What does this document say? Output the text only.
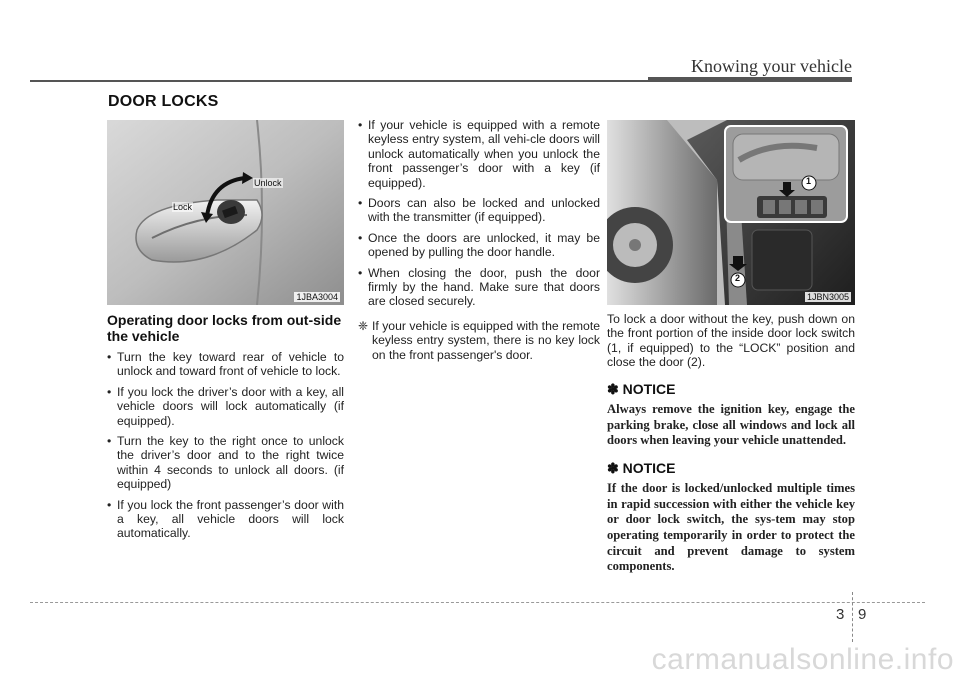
Knowing your vehicle
DOOR LOCKS
Lock
Unlock
1JBA3004
1
2
1JBN3005
Operating door locks from out-side the vehicle
• Turn the key toward rear of vehicle to unlock and toward front of vehicle to lock.
• If you lock the driver’s door with a key, all vehicle doors will lock automatically (if equipped).
• Turn the key to the right once to unlock the driver’s door and to the right twice within 4 seconds to unlock all doors. (if equipped)
• If you lock the front passenger’s door with a key, all vehicle doors will lock automatically.
• If your vehicle is equipped with a remote keyless entry system, all vehi-cle doors will unlock automatically when you unlock the front passenger’s door with a key (if equipped).
• Doors can also be locked and unlocked with the transmitter (if equipped).
• Once the doors are unlocked, it may be opened by pulling the door handle.
• When closing the door, push the door firmly by the hand. Make sure that doors are closed securely.
❈ If your vehicle is equipped with the remote keyless entry system, there is no key lock on the front passenger's door.
To lock a door without the key, push down on the front portion of the inside door lock switch (1, if equipped) to the “LOCK” position and close the door (2).
✽ NOTICE
Always remove the ignition key, engage the parking brake, close all windows and lock all doors when leaving your vehicle unattended.
✽ NOTICE
If the door is locked/unlocked multiple times in rapid succession with either the vehicle key or door lock switch, the sys-tem may stop operating temporarily in order to protect the circuit and prevent damage to system components.
3 9
carmanualsonline.info
